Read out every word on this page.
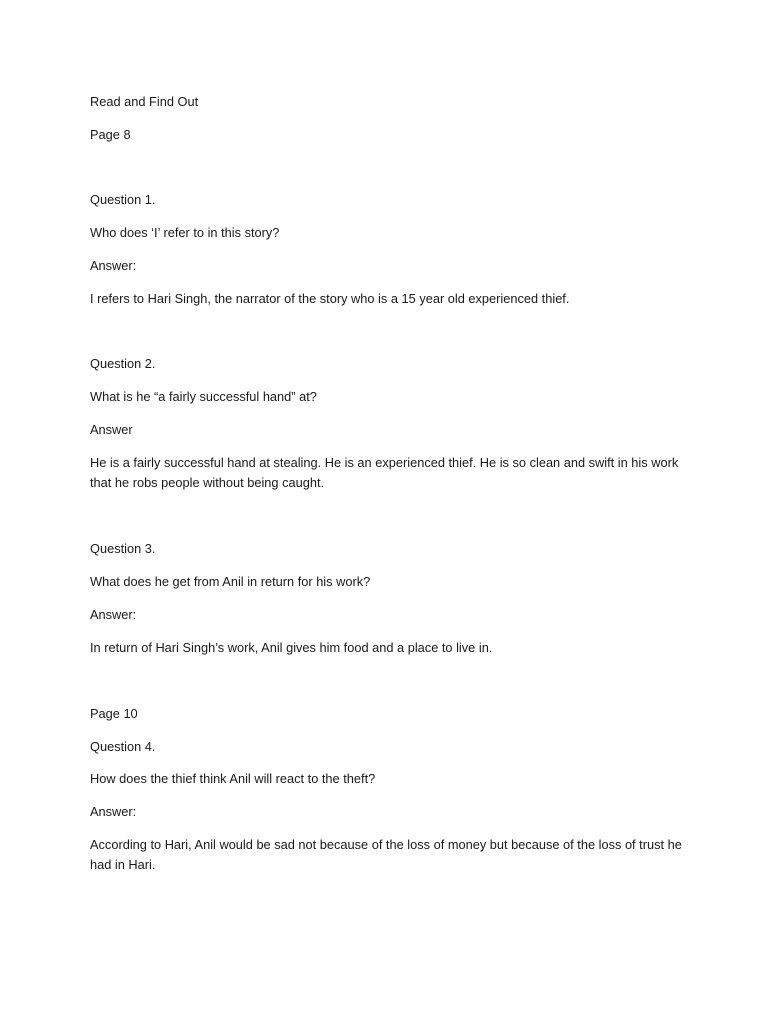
Read and Find Out

Page 8

Question 1.

Who does ‘I’ refer to in this story?

Answer:

I refers to Hari Singh, the narrator of the story who is a 15 year old experienced thief.

Question 2.

What is he “a fairly successful hand” at?

Answer

He is a fairly successful hand at stealing. He is an experienced thief. He is so clean and swift in his work that he robs people without being caught.

Question 3.

What does he get from Anil in return for his work?

Answer:

In return of Hari Singh’s work, Anil gives him food and a place to live in.

Page 10

Question 4.

How does the thief think Anil will react to the theft?

Answer:

According to Hari, Anil would be sad not because of the loss of money but because of the loss of trust he had in Hari.
